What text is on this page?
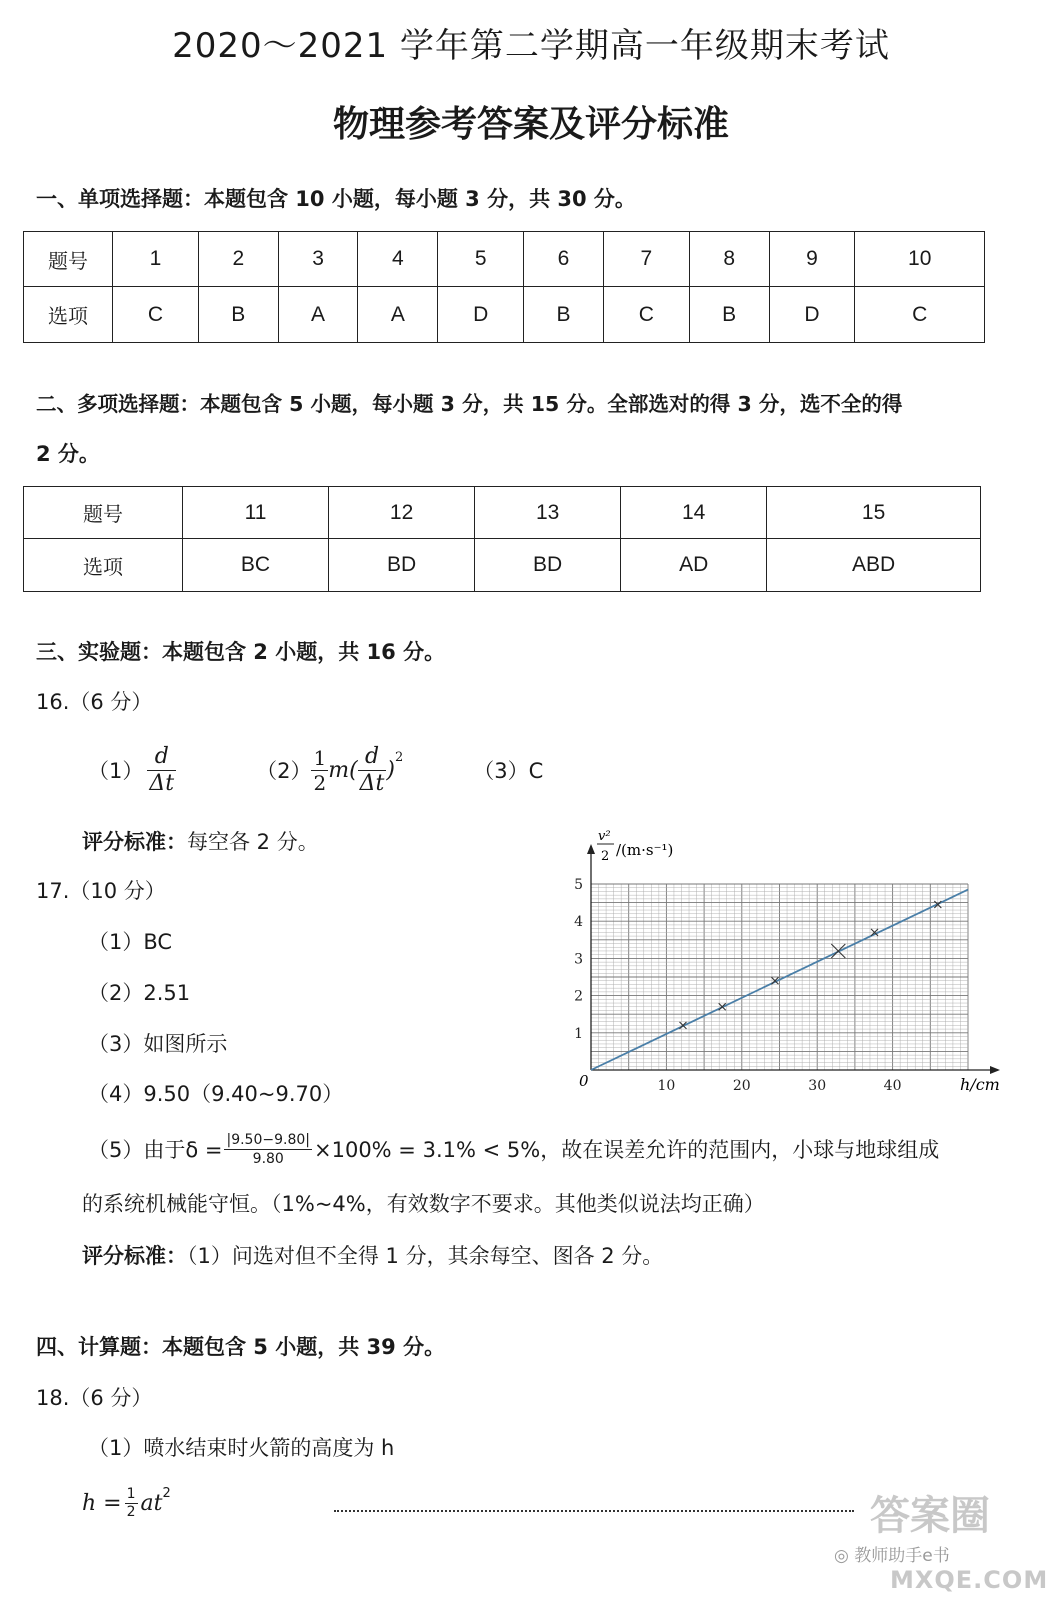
2020～2021 学年第二学期高一年级期末考试
物理参考答案及评分标准
一、单项选择题：本题包含 10 小题，每小题 3 分，共 30 分。
题号	1	2	3	4	5	6	7	8	9	10
选项	C	B	A	A	D	B	C	B	D	C
二、多项选择题：本题包含 5 小题，每小题 3 分，共 15 分。全部选对的得 3 分，选不全的得
2 分。
题号	11	12	13	14	15
选项	BC	BD	BD	AD	ABD
三、实验题：本题包含 2 小题，共 16 分。
16.（6 分）
$(1) \frac{d}{\Delta t}$	$(2) \frac{1}{2} m( \frac{d}{\Delta t} )^2$
（3）C
评分标准：每空各 2 分。
17.（10 分）
（1）BC
（2）2.51
（3）如图所示
（4）9.50（9.40~9.70）
（5）由于$\delta = \frac{|9.50-9.80|}{9.80} \times 100\% = 3.1\% < 5\%$，故在误差允许的范围内，小球与地球组成
的系统机械能守恒。（1%~4%，有效数字不要求。其他类似说法均正确）
评分标准：（1）问选对但不全得 1 分，其余每空、图各 2 分。
10	20	30	40
1
2
3
4
5
v²
2 /(m·s⁻¹)
h/cm
0
四、计算题：本题包含 5 小题，共 39 分。
18.（6 分）
（1）喷水结束时火箭的高度为 h
$h = \frac{1}{2} at^2$	答案圈
◎ 教师助手e书
MXQE.COM
